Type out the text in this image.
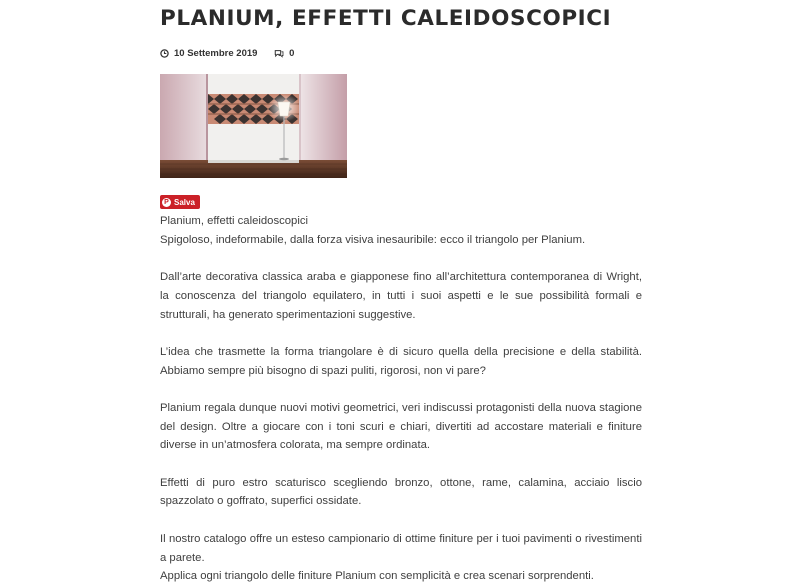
PLANIUM, EFFETTI CALEIDOSCOPICI
10 Settembre 2019
	0
P Salva

Planium, effetti caleidoscopici

Spigoloso, indeformabile, dalla forza visiva inesauribile: ecco il triangolo per Planium.

Dall’arte decorativa classica araba e giapponese fino all’architettura contemporanea di Wright, la conoscenza del triangolo equilatero, in tutti i suoi aspetti e le sue possibilità formali e strutturali, ha generato sperimentazioni suggestive.

L’idea che trasmette la forma triangolare è di sicuro quella della precisione e della stabilità. Abbiamo sempre più bisogno di spazi puliti, rigorosi, non vi pare?

Planium regala dunque nuovi motivi geometrici, veri indiscussi protagonisti della nuova stagione del design. Oltre a giocare con i toni scuri e chiari, divertiti ad accostare materiali e finiture diverse in un’atmosfera colorata, ma sempre ordinata.

Effetti di puro estro scaturisco scegliendo bronzo, ottone, rame, calamina, acciaio liscio spazzolato o goffrato, superfici ossidate.

Il nostro catalogo offre un esteso campionario di ottime finiture per i tuoi pavimenti o rivestimenti a parete.

Applica ogni triangolo delle finiture Planium con semplicità e crea scenari sorprendenti.
